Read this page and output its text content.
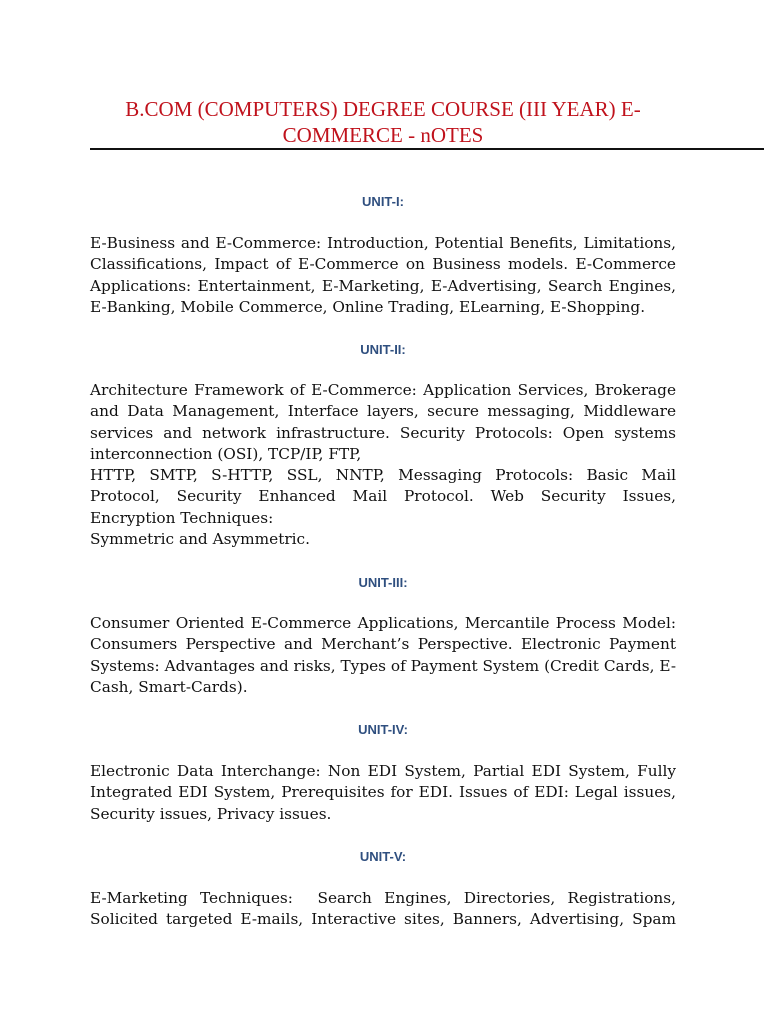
B.COM (COMPUTERS) DEGREE COURSE (III YEAR) E-
COMMERCE - nOTES
UNIT-I:
E-Business and E-Commerce: Introduction, Potential Benefits, Limitations,
Classifications, Impact of E-Commerce on Business models. E-Commerce
Applications: Entertainment, E-Marketing, E-Advertising, Search Engines,
E-Banking, Mobile Commerce, Online Trading, ELearning, E-Shopping.
UNIT-II:
Architecture Framework of E-Commerce: Application Services, Brokerage
and Data Management, Interface layers, secure messaging, Middleware
services and network infrastructure. Security Protocols: Open systems
interconnection (OSI), TCP/IP, FTP,
HTTP, SMTP, S-HTTP, SSL, NNTP, Messaging Protocols: Basic Mail
Protocol, Security Enhanced Mail Protocol. Web Security Issues,
Encryption Techniques:
Symmetric and Asymmetric.
UNIT-III:
Consumer Oriented E-Commerce Applications, Mercantile Process Model:
Consumers Perspective and Merchant’s Perspective. Electronic Payment
Systems: Advantages and risks, Types of Payment System (Credit Cards, E-
Cash, Smart-Cards).
UNIT-IV:
Electronic Data Interchange: Non EDI System, Partial EDI System, Fully
Integrated EDI System, Prerequisites for EDI. Issues of EDI: Legal issues,
Security issues, Privacy issues.
UNIT-V:
E-Marketing Techniques:  Search Engines, Directories, Registrations,
Solicited targeted E-mails, Interactive sites, Banners, Advertising, Spam
